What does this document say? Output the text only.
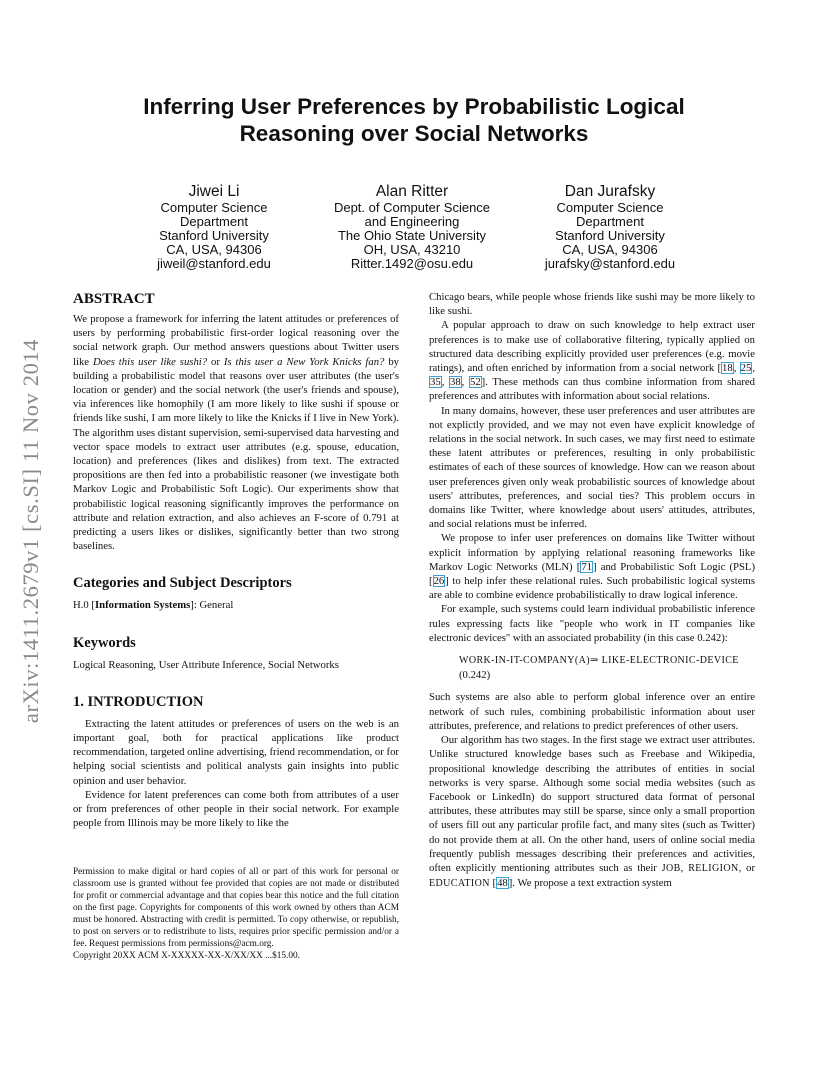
arXiv:1411.2679v1 [cs.SI] 11 Nov 2014
Inferring User Preferences by Probabilistic Logical
Reasoning over Social Networks
Jiwei Li
Computer Science
Department
Stanford University
CA, USA, 94306
jiweil@stanford.edu
Alan Ritter
Dept. of Computer Science
and Engineering
The Ohio State University
OH, USA, 43210
Ritter.1492@osu.edu
Dan Jurafsky
Computer Science
Department
Stanford University
CA, USA, 94306
jurafsky@stanford.edu
ABSTRACT

We propose a framework for inferring the latent attitudes or preferences of users by performing probabilistic first-order logical reasoning over the social network graph. Our method answers questions about Twitter users like Does this user like sushi? or Is this user a New York Knicks fan? by building a probabilistic model that reasons over user attributes (the user's location or gender) and the social network (the user's friends and spouse), via inferences like homophily (I am more likely to like sushi if spouse or friends like sushi, I am more likely to like the Knicks if I live in New York). The algorithm uses distant supervision, semi-supervised data harvesting and vector space models to extract user attributes (e.g. spouse, education, location) and preferences (likes and dislikes) from text. The extracted propositions are then fed into a probabilistic reasoner (we investigate both Markov Logic and Probabilistic Soft Logic). Our experiments show that probabilistic logical reasoning significantly improves the performance on attribute and relation extraction, and also achieves an F-score of 0.791 at predicting a users likes or dislikes, significantly better than two strong baselines.

Categories and Subject Descriptors

H.0 [Information Systems]: General

Keywords

Logical Reasoning, User Attribute Inference, Social Networks

1. INTRODUCTION

Extracting the latent attitudes or preferences of users on the web is an important goal, both for practical applications like product recommendation, targeted online advertising, friend recommendation, or for helping social scientists and political analysts gain insights into public opinion and user behavior.

Evidence for latent preferences can come both from attributes of a user or from preferences of other people in their social network. For example people from Illinois may be more likely to like the

Permission to make digital or hard copies of all or part of this work for personal or classroom use is granted without fee provided that copies are not made or distributed for profit or commercial advantage and that copies bear this notice and the full citation on the first page. Copyrights for components of this work owned by others than ACM must be honored. Abstracting with credit is permitted. To copy otherwise, or republish, to post on servers or to redistribute to lists, requires prior specific permission and/or a fee. Request permissions from permissions@acm.org.

Copyright 20XX ACM X-XXXXX-XX-X/XX/XX ...$15.00.

Chicago bears, while people whose friends like sushi may be more likely to like sushi.

A popular approach to draw on such knowledge to help extract user preferences is to make use of collaborative filtering, typically applied on structured data describing explicitly provided user preferences (e.g. movie ratings), and often enriched by information from a social network [18, 25, 35, 38, 52]. These methods can thus combine information from shared preferences and attributes with information about social relations.

In many domains, however, these user preferences and user attributes are not explictly provided, and we may not even have explicit knowledge of relations in the social network. In such cases, we may first need to estimate these latent attributes or preferences, resulting in only probabilistic estimates of each of these sources of knowledge. How can we reason about user preferences given only weak probabilistic sources of knowledge about users' attributes, preferences, and social ties? This problem occurs in domains like Twitter, where knowledge about users' attitudes, attributes, and social relations must be inferred.

We propose to infer user preferences on domains like Twitter without explicit information by applying relational reasoning frameworks like Markov Logic Networks (MLN) [71] and Probabilistic Soft Logic (PSL) [26] to help infer these relational rules. Such probabilistic logical systems are able to combine evidence probabilistically to draw logical inference.

For example, such systems could learn individual probabilistic inference rules expressing facts like "people who work in IT companies like electronic devices" with an associated probability (in this case 0.242):

WORK-IN-IT-COMPANY(A)⇒ LIKE-ELECTRONIC-DEVICE
(0.242)

Such systems are also able to perform global inference over an entire network of such rules, combining probabilistic information about user attributes, preference, and relations to predict preferences of other users.

Our algorithm has two stages. In the first stage we extract user attributes. Unlike structured knowledge bases such as Freebase and Wikipedia, propositional knowledge describing the attributes of entities in social networks is very sparse. Although some social media websites (such as Facebook or LinkedIn) do support structured data format of personal attributes, these attributes may still be sparse, since only a small proportion of users fill out any particular profile fact, and many sites (such as Twitter) do not provide them at all. On the other hand, users of online social media frequently publish messages describing their preferences and activities, often explicitly mentioning attributes such as their JOB, RELIGION, or EDUCATION [48]. We propose a text extraction system
